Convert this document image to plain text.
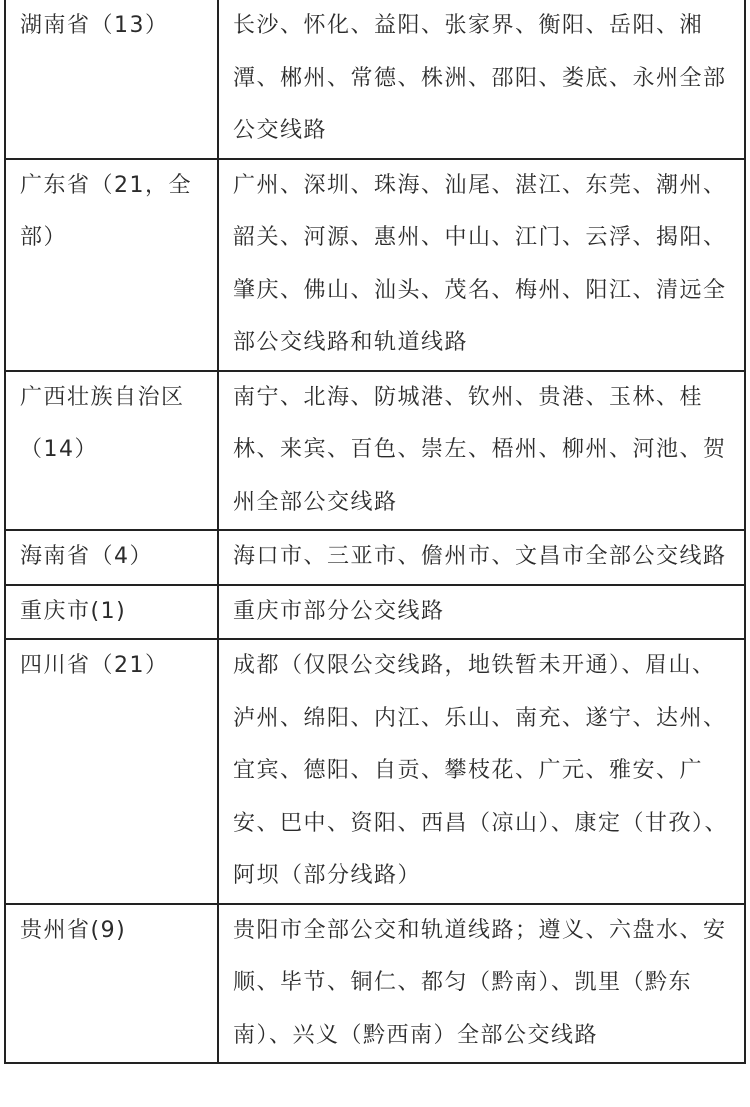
湖南省（13）	长沙、怀化、益阳、张家界、衡阳、岳阳、湘潭、郴州、常德、株洲、邵阳、娄底、永州全部公交线路
广东省（21，全部）	广州、深圳、珠海、汕尾、湛江、东莞、潮州、韶关、河源、惠州、中山、江门、云浮、揭阳、肇庆、佛山、汕头、茂名、梅州、阳江、清远全部公交线路和轨道线路
广西壮族自治区（14）	南宁、北海、防城港、钦州、贵港、玉林、桂林、来宾、百色、崇左、梧州、柳州、河池、贺州全部公交线路
海南省（4）	海口市、三亚市、儋州市、文昌市全部公交线路
重庆市(1)	重庆市部分公交线路
四川省（21）	成都（仅限公交线路，地铁暂未开通）、眉山、泸州、绵阳、内江、乐山、南充、遂宁、达州、宜宾、德阳、自贡、攀枝花、广元、雅安、广安、巴中、资阳、西昌（凉山）、康定（甘孜）、阿坝（部分线路）
贵州省(9)	贵阳市全部公交和轨道线路；遵义、六盘水、安顺、毕节、铜仁、都匀（黔南）、凯里（黔东南）、兴义（黔西南）全部公交线路
